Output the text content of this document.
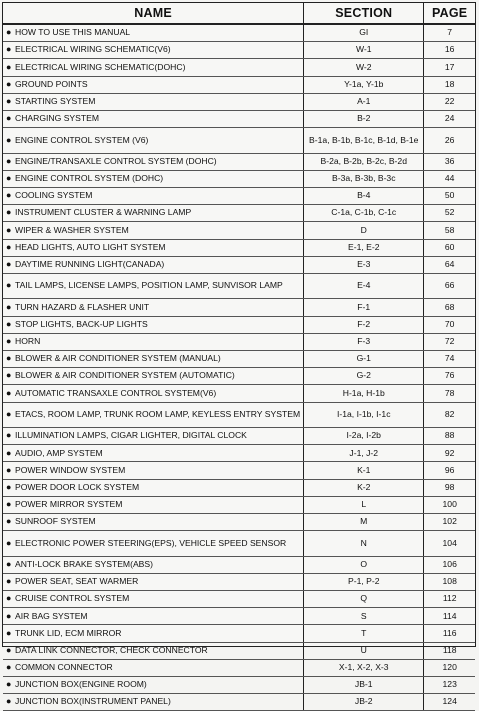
NAME	SECTION	PAGE

● HOW TO USE THIS MANUAL	GI	7

● ELECTRICAL WIRING SCHEMATIC(V6)	W-1	16

● ELECTRICAL WIRING SCHEMATIC(DOHC)	W-2	17

● GROUND POINTS	Y-1a, Y-1b	18

● STARTING SYSTEM	A-1	22

● CHARGING SYSTEM	B-2	24

● ENGINE CONTROL SYSTEM (V6)	B-1a, B-1b, B-1c, B-1d, B-1e	26

● ENGINE/TRANSAXLE CONTROL SYSTEM (DOHC)	B-2a, B-2b, B-2c, B-2d	36

● ENGINE CONTROL SYSTEM (DOHC)	B-3a, B-3b, B-3c	44

● COOLING SYSTEM	B-4	50

● INSTRUMENT CLUSTER & WARNING LAMP	C-1a, C-1b, C-1c	52

● WIPER & WASHER SYSTEM	D	58

● HEAD LIGHTS, AUTO LIGHT SYSTEM	E-1, E-2	60

● DAYTIME RUNNING LIGHT(CANADA)	E-3	64

● TAIL LAMPS, LICENSE LAMPS, POSITION LAMP, SUNVISOR LAMP	E-4	66

● TURN HAZARD & FLASHER UNIT	F-1	68

● STOP LIGHTS, BACK-UP LIGHTS	F-2	70

● HORN	F-3	72

● BLOWER & AIR CONDITIONER SYSTEM (MANUAL)	G-1	74

● BLOWER & AIR CONDITIONER SYSTEM (AUTOMATIC)	G-2	76

● AUTOMATIC TRANSAXLE CONTROL SYSTEM(V6)	H-1a, H-1b	78

● ETACS, ROOM LAMP, TRUNK ROOM LAMP, KEYLESS ENTRY SYSTEM	I-1a, I-1b, I-1c	82

● ILLUMINATION LAMPS, CIGAR LIGHTER, DIGITAL CLOCK	I-2a, I-2b	88

● AUDIO, AMP SYSTEM	J-1, J-2	92

● POWER WINDOW SYSTEM	K-1	96

● POWER DOOR LOCK SYSTEM	K-2	98

● POWER MIRROR SYSTEM	L	100

● SUNROOF SYSTEM	M	102

● ELECTRONIC POWER STEERING(EPS), VEHICLE SPEED SENSOR	N	104

● ANTI-LOCK BRAKE SYSTEM(ABS)	O	106

● POWER SEAT, SEAT WARMER	P-1, P-2	108

● CRUISE CONTROL SYSTEM	Q	112

● AIR BAG SYSTEM	S	114

● TRUNK LID, ECM MIRROR	T	116

● DATA LINK CONNECTOR, CHECK CONNECTOR	U	118

● COMMON CONNECTOR	X-1, X-2, X-3	120

● JUNCTION BOX(ENGINE ROOM)	JB-1	123

● JUNCTION BOX(INSTRUMENT PANEL)	JB-2	124
